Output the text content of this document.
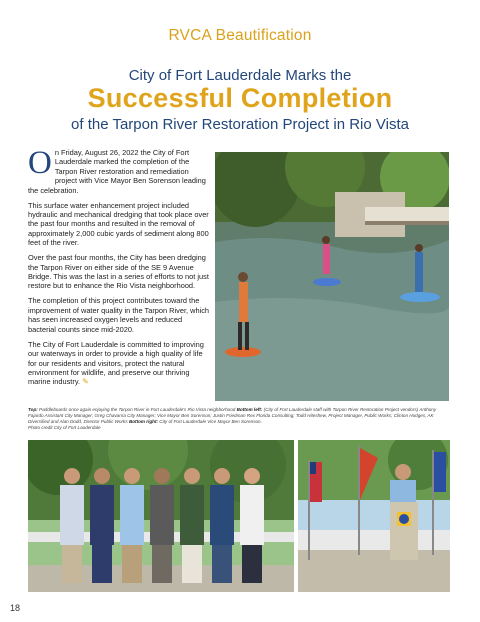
RVCA Beautification
City of Fort Lauderdale Marks the
Successful Completion
of the Tarpon River Restoration Project in Rio Vista

On Friday, August 26, 2022 the City of Fort Lauderdale marked the completion of the Tarpon River restoration and remediation project with Vice Mayor Ben Sorenson leading the celebration.

This surface water enhancement project included hydraulic and mechanical dredging that took place over the past four months and resulted in the removal of approximately 2,000 cubic yards of sediment along 800 feet of the river.

Over the past four months, the City has been dredging the Tarpon River on either side of the SE 9 Avenue Bridge. This was the last in a series of efforts to not just restore but to enhance the Rio Vista neighborhood.

The completion of this project contributes toward the improvement of water quality in the Tarpon River, which has seen increased oxygen levels and reduced bacterial counts since mid-2020.

The City of Fort Lauderdale is committed to improving our waterways in order to provide a high quality of life for our residents and visitors, protect the natural environment for wildlife, and preserve our thriving marine industry. ✎

Top: Paddleboards once again enjoying the Tarpon River in Fort Lauderdale's Rio Vista neighborhood Bottom left: (City of Fort Lauderdale staff with Tarpon River Restoration Project vendors) Anthony Fajardo Assistant City Manager; Greg Chavarria City Manager; Vice Mayor Ben Sorenson; Justin Friedman Rex Florida Consulting; Todd Hiteshew, Project Manager, Public Works; Clinton Hodges, AK Diversified and Alan Dodd, Director Public Works Bottom right: City of Fort Lauderdale Vice Mayor Ben Sorenson.
Photo credit City of Fort Lauderdale
18
